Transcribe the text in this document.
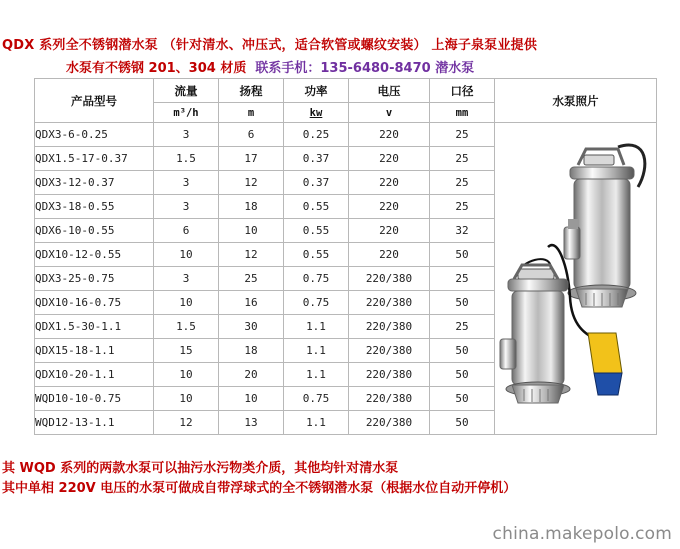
QDX 系列全不锈钢潜水泵 （针对清水、冲压式，适合软管或螺纹安装） 上海子泉泵业提供
水泵有不锈钢 201、304 材质 联系手机：135-6480-8470 潜水泵
产品型号	流量	扬程	功率	电压	口径	水泵照片
	m³/h	m	kw	v	mm	
QDX3-6-0.25	3	6	0.25	220	25	
QDX1.5-17-0.37	1.5	17	0.37	220	25	
QDX3-12-0.37	3	12	0.37	220	25	
QDX3-18-0.55	3	18	0.55	220	25	
QDX6-10-0.55	6	10	0.55	220	32	
QDX10-12-0.55	10	12	0.55	220	50	
QDX3-25-0.75	3	25	0.75	220/380	25	
QDX10-16-0.75	10	16	0.75	220/380	50	
QDX1.5-30-1.1	1.5	30	1.1	220/380	25	
QDX15-18-1.1	15	18	1.1	220/380	50	
QDX10-20-1.1	10	20	1.1	220/380	50	
WQD10-10-0.75	10	10	0.75	220/380	50	
WQD12-13-1.1	12	13	1.1	220/380	50	
其 WQD 系列的两款水泵可以抽污水污物类介质，其他均针对清水泵
其中单相 220V 电压的水泵可做成自带浮球式的全不锈钢潜水泵（根据水位自动开停机）
china.makepolo.com
